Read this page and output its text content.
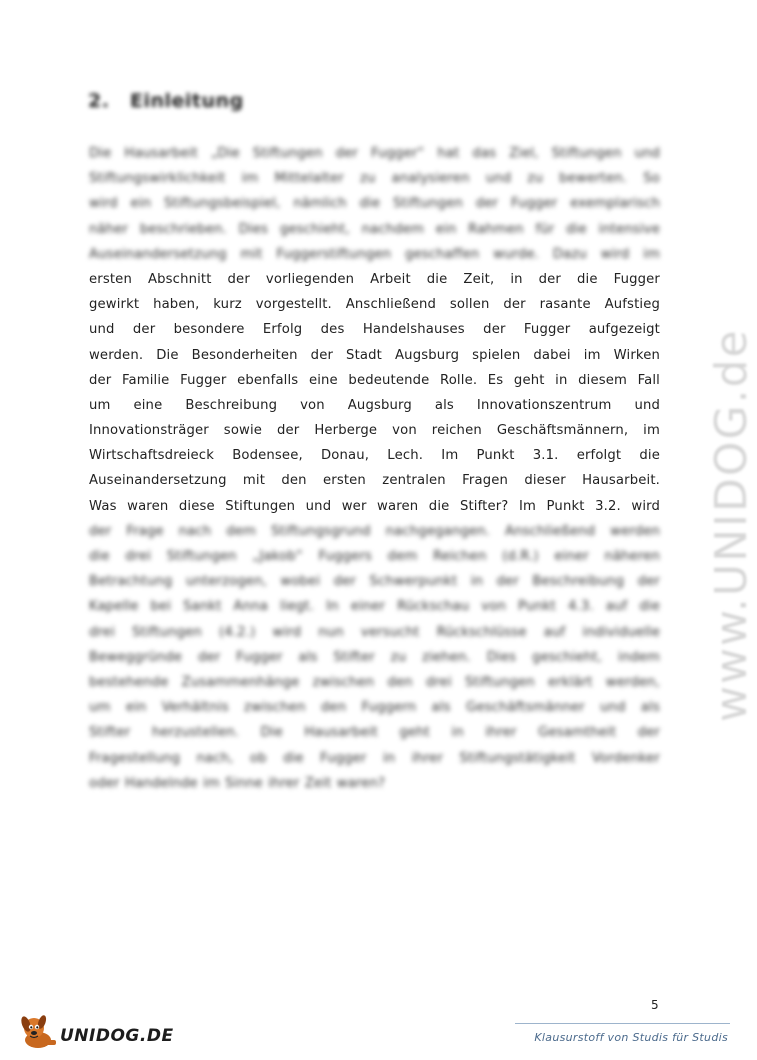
2. Einleitung
Die Hausarbeit „Die Stiftungen der Fugger“ hat das Ziel, Stiftungen und
Stiftungswirklichkeit im Mittelalter zu analysieren und zu bewerten. So
wird ein Stiftungsbeispiel, nämlich die Stiftungen der Fugger exemplarisch
näher beschrieben. Dies geschieht, nachdem ein Rahmen für die intensive
Auseinandersetzung mit Fuggerstiftungen geschaffen wurde. Dazu wird im
ersten Abschnitt der vorliegenden Arbeit die Zeit, in der die Fugger
gewirkt haben, kurz vorgestellt. Anschließend sollen der rasante Aufstieg
und der besondere Erfolg des Handelshauses der Fugger aufgezeigt
werden. Die Besonderheiten der Stadt Augsburg spielen dabei im Wirken
der Familie Fugger ebenfalls eine bedeutende Rolle. Es geht in diesem Fall
um eine Beschreibung von Augsburg als Innovationszentrum und
Innovationsträger sowie der Herberge von reichen Geschäftsmännern, im
Wirtschaftsdreieck Bodensee, Donau, Lech. Im Punkt 3.1. erfolgt die
Auseinandersetzung mit den ersten zentralen Fragen dieser Hausarbeit.
Was waren diese Stiftungen und wer waren die Stifter? Im Punkt 3.2. wird
der Frage nach dem Stiftungsgrund nachgegangen. Anschließend werden
die drei Stiftungen „Jakob“ Fuggers dem Reichen (d.R.) einer näheren
Betrachtung unterzogen, wobei der Schwerpunkt in der Beschreibung der
Kapelle bei Sankt Anna liegt. In einer Rückschau von Punkt 4.3. auf die
drei Stiftungen (4.2.) wird nun versucht Rückschlüsse auf individuelle
Beweggründe der Fugger als Stifter zu ziehen. Dies geschieht, indem
bestehende Zusammenhänge zwischen den drei Stiftungen erklärt werden,
um ein Verhältnis zwischen den Fuggern als Geschäftsmänner und als
Stifter herzustellen. Die Hausarbeit geht in ihrer Gesamtheit der
Fragestellung nach, ob die Fugger in ihrer Stiftungstätigkeit Vordenker
oder Handelnde im Sinne ihrer Zeit waren?
www.UNIDOG.de
5
UNIDOG.DE	Klausurstoff von Studis für Studis
